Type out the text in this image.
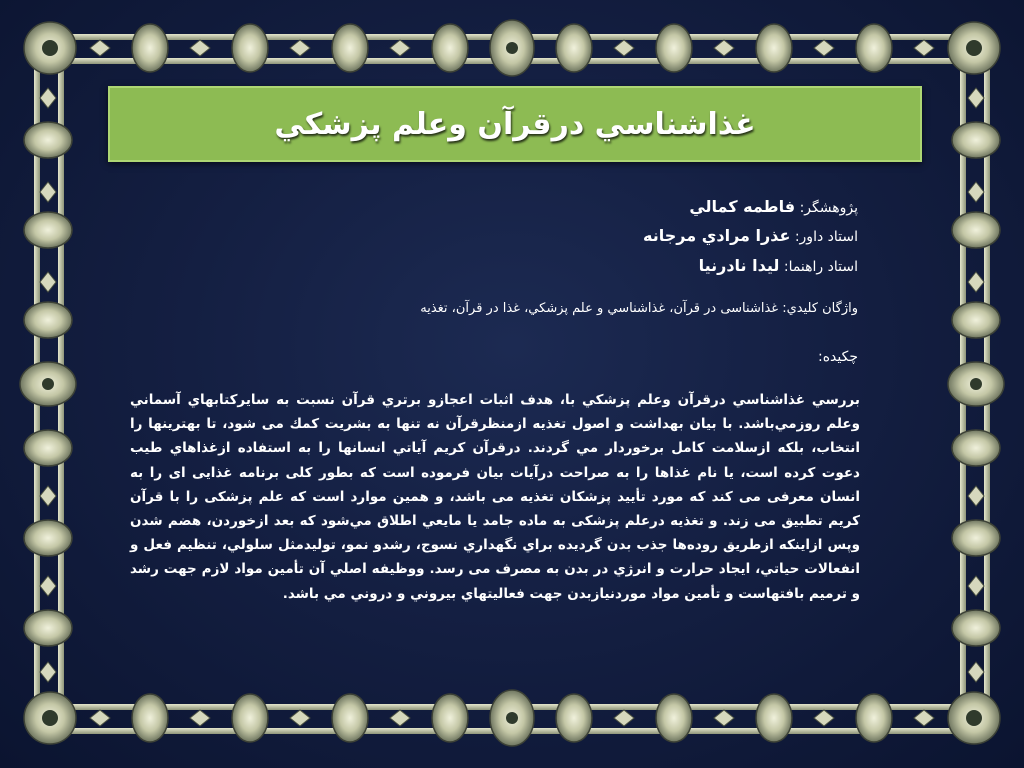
غذاشناسي درقرآن وعلم پزشكي
پژوهشگر: فاطمه كمالي
استاد داور: عذرا مرادي مرجانه
استاد راهنما: ليدا نادرنيا
واژگان كليدي: غذاشناسى در قرآن، غذاشناسي و علم پزشكي، غذا در قرآن، تغذيه
چكيده:
بررسي غذاشناسي درقرآن وعلم پزشكي با، هدف اثبات اعجازو برتري قرآن نسبت به سايركتابهاي آسماني وعلم روزمي‌باشد. با بيان بهداشت و اصول تغذيه ازمنظرقرآن نه تنها به بشريت كمك مى شود، تا بهترينها را انتخاب، بلكه ازسلامت كامل برخوردار مي گردند. درقرآن كريم آياتي انسانها را به استفاده ازغذاهاي طيب دعوت كرده است، يا نام غذاها را به صراحت درآيات بيان فرموده است كه بطور كلى برنامه غذايى اى را به انسان معرفى مى كند كه مورد تأييد پزشكان تغذيه مى باشد، و همين موارد است كه علم پزشكى را با قرآن كريم تطبيق مى زند. و تغذيه درعلم پزشكى به ماده جامد يا مايعي اطلاق مي‌شود كه بعد ازخوردن، هضم شدن وپس ازاينكه ازطريق روده‌ها جذب بدن گرديده براي نگهداري نسوج، رشدو نمو، توليدمثل سلولي، تنظيم فعل و انفعالات حياتي، ايجاد حرارت و انرژي در بدن به مصرف مى رسد. ووظيفه اصلي آن تأمين مواد لازم جهت رشد و ترميم بافتهاست و تأمين مواد موردنيازبدن جهت فعاليتهاي بيروني و دروني مي باشد.
